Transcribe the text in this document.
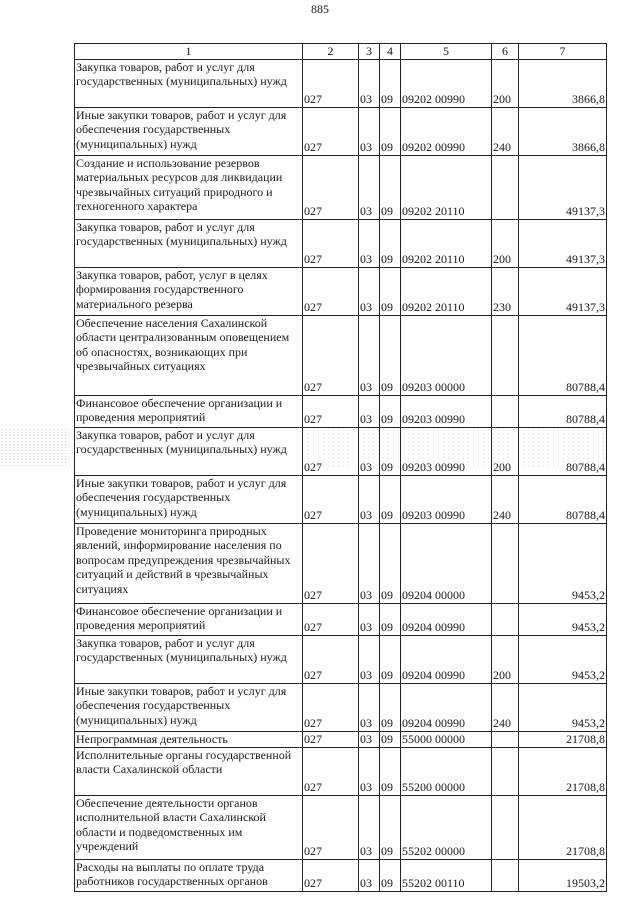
885
1	2	3	4	5	6	7
Закупка товаров, работ и услуг для государственных (муниципальных) нужд	027	03	09	09202 00990	200	3866,8
Иные закупки товаров, работ и услуг для обеспечения государственных (муниципальных) нужд	027	03	09	09202 00990	240	3866,8
Создание и использование резервов материальных ресурсов для ликвидации чрезвычайных ситуаций природного и техногенного характера	027	03	09	09202 20110		49137,3
Закупка товаров, работ и услуг для государственных (муниципальных) нужд	027	03	09	09202 20110	200	49137,3
Закупка товаров, работ, услуг в целях формирования государственного материального резерва	027	03	09	09202 20110	230	49137,3
Обеспечение населения Сахалинской области централизованным оповещением об опасностях, возникающих при чрезвычайных ситуациях	027	03	09	09203 00000		80788,4
Финансовое обеспечение организации и проведения мероприятий	027	03	09	09203 00990		80788,4
Закупка товаров, работ и услуг для государственных (муниципальных) нужд	027	03	09	09203 00990	200	80788,4
Иные закупки товаров, работ и услуг для обеспечения государственных (муниципальных) нужд	027	03	09	09203 00990	240	80788,4
Проведение мониторинга природных явлений, информирование населения по вопросам предупреждения чрезвычайных ситуаций и действий в чрезвычайных ситуациях	027	03	09	09204 00000		9453,2
Финансовое обеспечение организации и проведения мероприятий	027	03	09	09204 00990		9453,2
Закупка товаров, работ и услуг для государственных (муниципальных) нужд	027	03	09	09204 00990	200	9453,2
Иные закупки товаров, работ и услуг для обеспечения государственных (муниципальных) нужд	027	03	09	09204 00990	240	9453,2
Непрограммная деятельность	027	03	09	55000 00000		21708,8
Исполнительные органы государственной власти Сахалинской области	027	03	09	55200 00000		21708,8
Обеспечение деятельности органов исполнительной власти Сахалинской области и подведомственных им учреждений	027	03	09	55202 00000		21708,8
Расходы на выплаты по оплате труда работников государственных органов	027	03	09	55202 00110		19503,2
